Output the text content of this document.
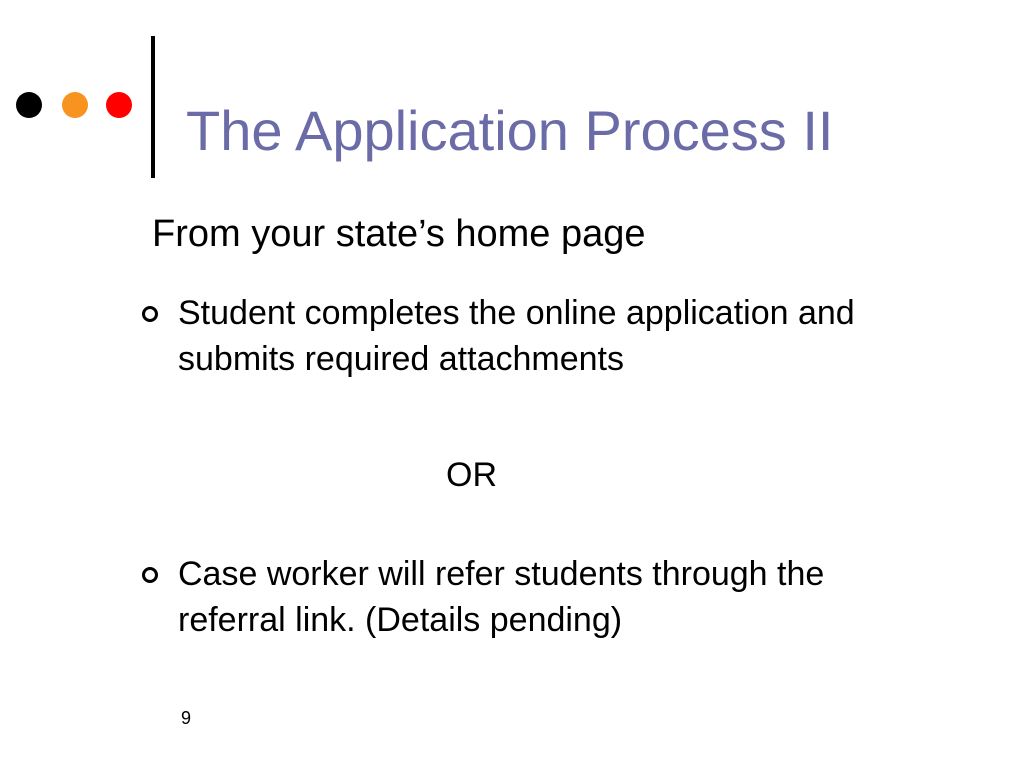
The Application Process II

From your state’s home page

Student completes the online application and submits required attachments
Case worker will refer students through the referral link. (Details pending)
OR
9
